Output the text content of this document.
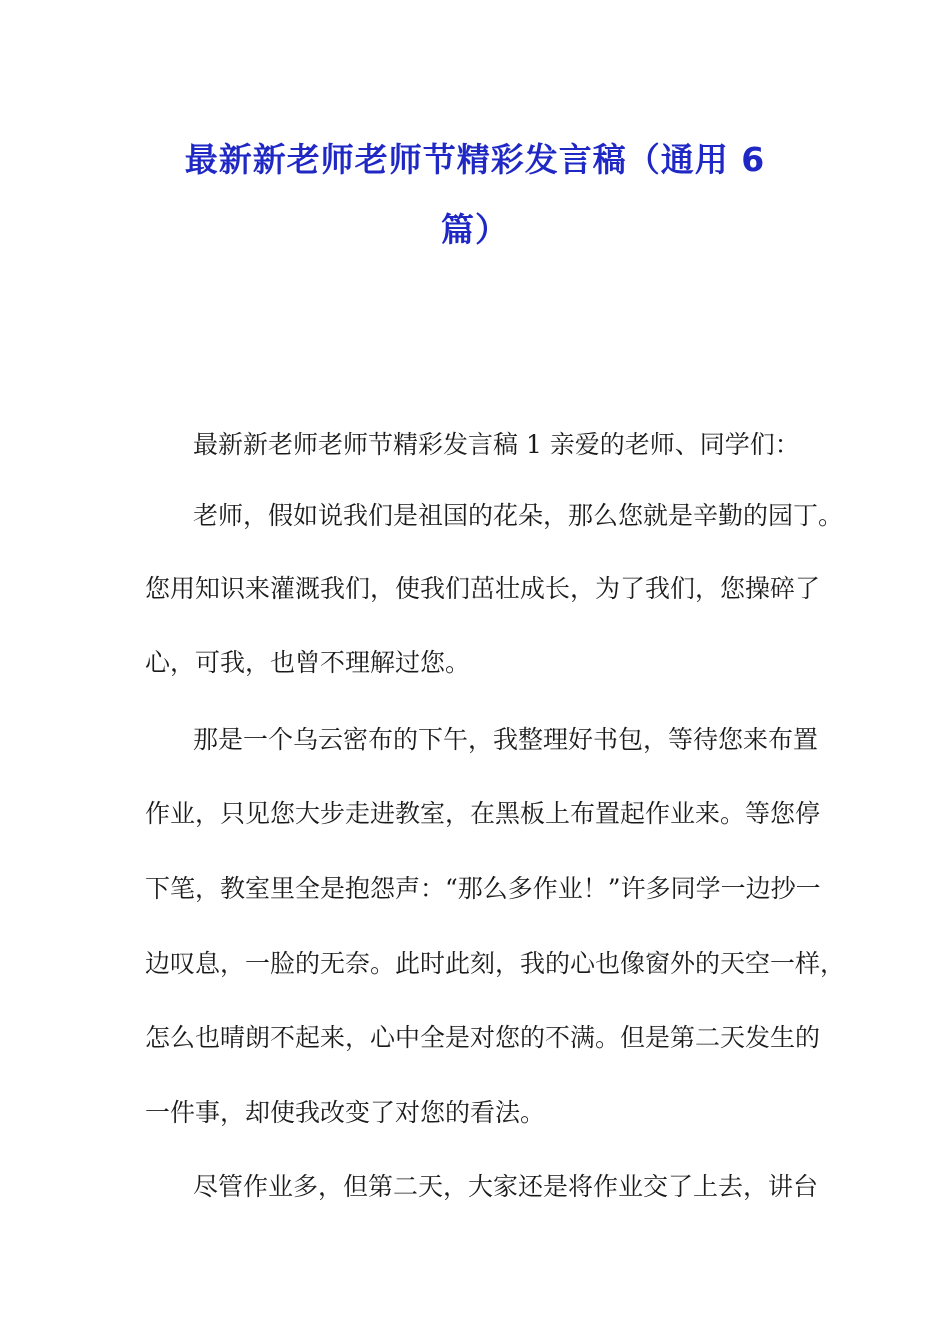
最新新老师老师节精彩发言稿（通用 6
篇）
最新新老师老师节精彩发言稿 1 亲爱的老师、同学们：
老师，假如说我们是祖国的花朵，那么您就是辛勤的园丁。
您用知识来灌溉我们，使我们茁壮成长，为了我们，您操碎了
心，可我，也曾不理解过您。
那是一个乌云密布的下午，我整理好书包，等待您来布置
作业，只见您大步走进教室，在黑板上布置起作业来。等您停
下笔，教室里全是抱怨声：“那么多作业！”许多同学一边抄一
边叹息，一脸的无奈。此时此刻，我的心也像窗外的天空一样，
怎么也晴朗不起来，心中全是对您的不满。但是第二天发生的
一件事，却使我改变了对您的看法。
尽管作业多，但第二天，大家还是将作业交了上去，讲台
